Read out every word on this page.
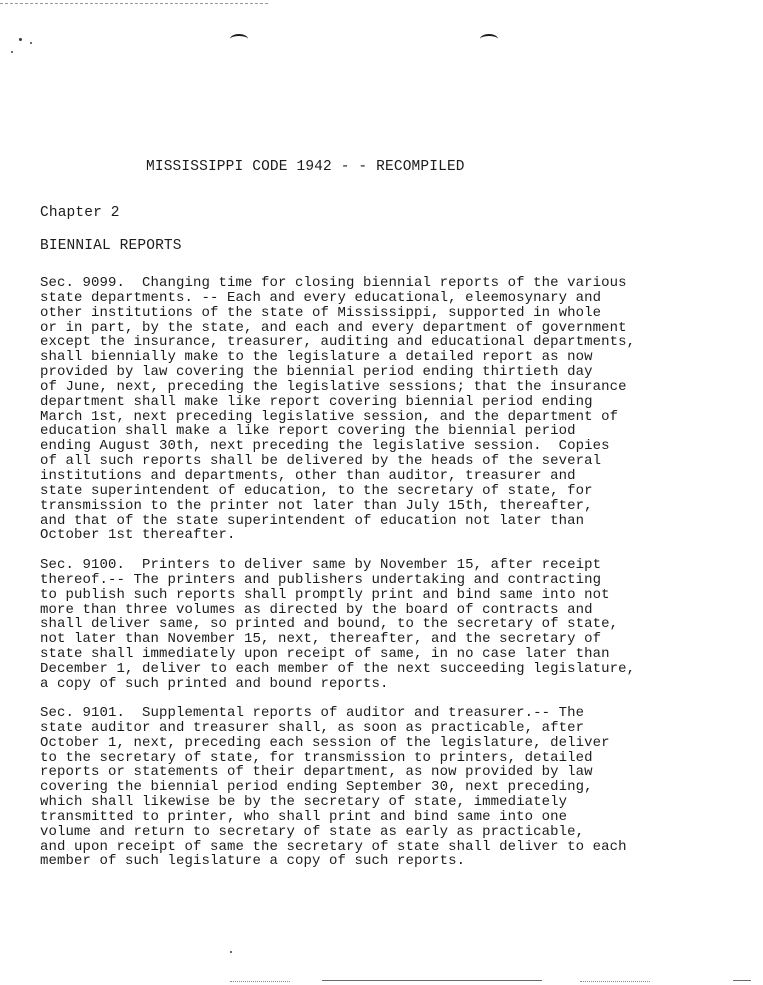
MISSISSIPPI CODE 1942 - - RECOMPILED
Chapter 2
BIENNIAL REPORTS
Sec. 9099.  Changing time for closing biennial reports of the various
state departments. -- Each and every educational, eleemosynary and
other institutions of the state of Mississippi, supported in whole
or in part, by the state, and each and every department of government
except the insurance, treasurer, auditing and educational departments,
shall biennially make to the legislature a detailed report as now
provided by law covering the biennial period ending thirtieth day
of June, next, preceding the legislative sessions; that the insurance
department shall make like report covering biennial period ending
March 1st, next preceding legislative session, and the department of
education shall make a like report covering the biennial period
ending August 30th, next preceding the legislative session.  Copies
of all such reports shall be delivered by the heads of the several
institutions and departments, other than auditor, treasurer and
state superintendent of education, to the secretary of state, for
transmission to the printer not later than July 15th, thereafter,
and that of the state superintendent of education not later than
October 1st thereafter.
Sec. 9100.  Printers to deliver same by November 15, after receipt
thereof.-- The printers and publishers undertaking and contracting
to publish such reports shall promptly print and bind same into not
more than three volumes as directed by the board of contracts and
shall deliver same, so printed and bound, to the secretary of state,
not later than November 15, next, thereafter, and the secretary of
state shall immediately upon receipt of same, in no case later than
December 1, deliver to each member of the next succeeding legislature,
a copy of such printed and bound reports.
Sec. 9101.  Supplemental reports of auditor and treasurer.-- The
state auditor and treasurer shall, as soon as practicable, after
October 1, next, preceding each session of the legislature, deliver
to the secretary of state, for transmission to printers, detailed
reports or statements of their department, as now provided by law
covering the biennial period ending September 30, next preceding,
which shall likewise be by the secretary of state, immediately
transmitted to printer, who shall print and bind same into one
volume and return to secretary of state as early as practicable,
and upon receipt of same the secretary of state shall deliver to each
member of such legislature a copy of such reports.
